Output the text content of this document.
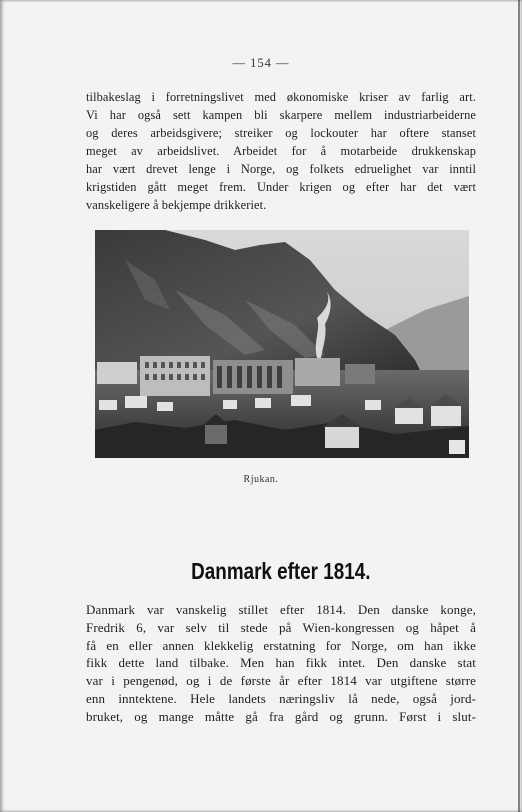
— 154 —
tilbakeslag i forretningslivet med økonomiske kriser av farlig art.
Vi har også sett kampen bli skarpere mellem industriarbeiderne
og deres arbeidsgivere; streiker og lockouter har oftere stanset
meget av arbeidslivet. Arbeidet for å motarbeide drukkenskap
har vært drevet lenge i Norge, og folkets edruelighet var inntil
krigstiden gått meget frem. Under krigen og efter har det vært
vanskeligere å bekjempe drikkeriet.
Rjukan.
Danmark efter 1814.
Danmark var vanskelig stillet efter 1814. Den danske konge,
Fredrik 6, var selv til stede på Wien-kongressen og håpet å
få en eller annen klekkelig erstatning for Norge, om han ikke
fikk dette land tilbake. Men han fikk intet. Den danske stat
var i pengenød, og i de første år efter 1814 var utgiftene større
enn inntektene. Hele landets næringsliv lå nede, også jord-
bruket, og mange måtte gå fra gård og grunn. Først i slut-
